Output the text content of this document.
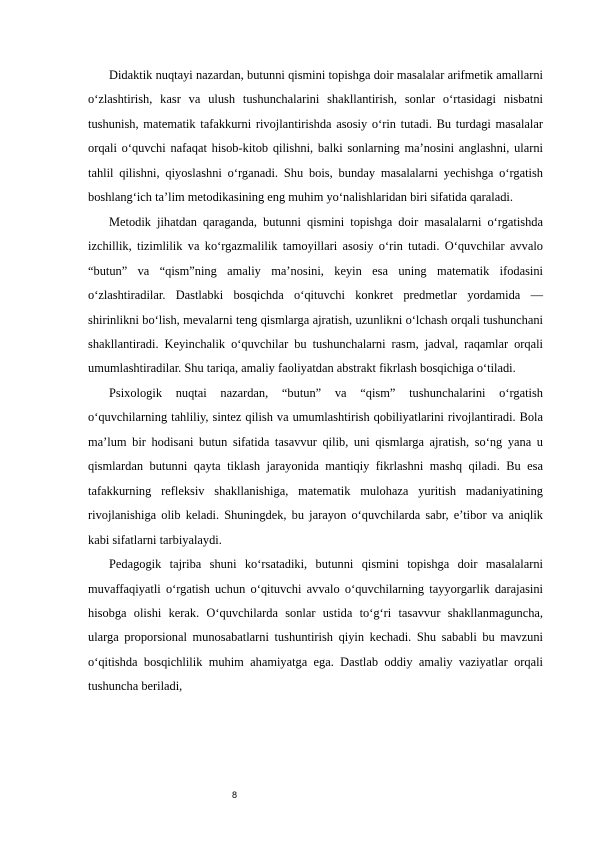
Didaktik nuqtayi nazardan, butunni qismini topishga doir masalalar arifmetik amallarni o‘zlashtirish, kasr va ulush tushunchalarini shakllantirish, sonlar o‘rtasidagi nisbatni tushunish, matematik tafakkurni rivojlantirishda asosiy o‘rin tutadi. Bu turdagi masalalar orqali o‘quvchi nafaqat hisob-kitob qilishni, balki sonlarning ma’nosini anglashni, ularni tahlil qilishni, qiyoslashni o‘rganadi. Shu bois, bunday masalalarni yechishga o‘rgatish boshlang‘ich ta’lim metodikasining eng muhim yo‘nalishlaridan biri sifatida qaraladi.

Metodik jihatdan qaraganda, butunni qismini topishga doir masalalarni o‘rgatishda izchillik, tizimlilik va ko‘rgazmalilik tamoyillari asosiy o‘rin tutadi. O‘quvchilar avvalo “butun” va “qism”ning amaliy ma’nosini, keyin esa uning matematik ifodasini o‘zlashtiradilar. Dastlabki bosqichda o‘qituvchi konkret predmetlar yordamida — shirinlikni bo‘lish, mevalarni teng qismlarga ajratish, uzunlikni o‘lchash orqali tushunchani shakllantiradi. Keyinchalik o‘quvchilar bu tushunchalarni rasm, jadval, raqamlar orqali umumlashtiradilar. Shu tariqa, amaliy faoliyatdan abstrakt fikrlash bosqichiga o‘tiladi.

Psixologik nuqtai nazardan, “butun” va “qism” tushunchalarini o‘rgatish o‘quvchilarning tahliliy, sintez qilish va umumlashtirish qobiliyatlarini rivojlantiradi. Bola ma’lum bir hodisani butun sifatida tasavvur qilib, uni qismlarga ajratish, so‘ng yana u qismlardan butunni qayta tiklash jarayonida mantiqiy fikrlashni mashq qiladi. Bu esa tafakkurning refleksiv shakllanishiga, matematik mulohaza yuritish madaniyatining rivojlanishiga olib keladi. Shuningdek, bu jarayon o‘quvchilarda sabr, e’tibor va aniqlik kabi sifatlarni tarbiyalaydi.

Pedagogik tajriba shuni ko‘rsatadiki, butunni qismini topishga doir masalalarni muvaffaqiyatli o‘rgatish uchun o‘qituvchi avvalo o‘quvchilarning tayyorgarlik darajasini hisobga olishi kerak. O‘quvchilarda sonlar ustida to‘g‘ri tasavvur shakllanmaguncha, ularga proporsional munosabatlarni tushuntirish qiyin kechadi. Shu sababli bu mavzuni o‘qitishda bosqichlilik muhim ahamiyatga ega. Dastlab oddiy amaliy vaziyatlar orqali tushuncha beriladi,

8
